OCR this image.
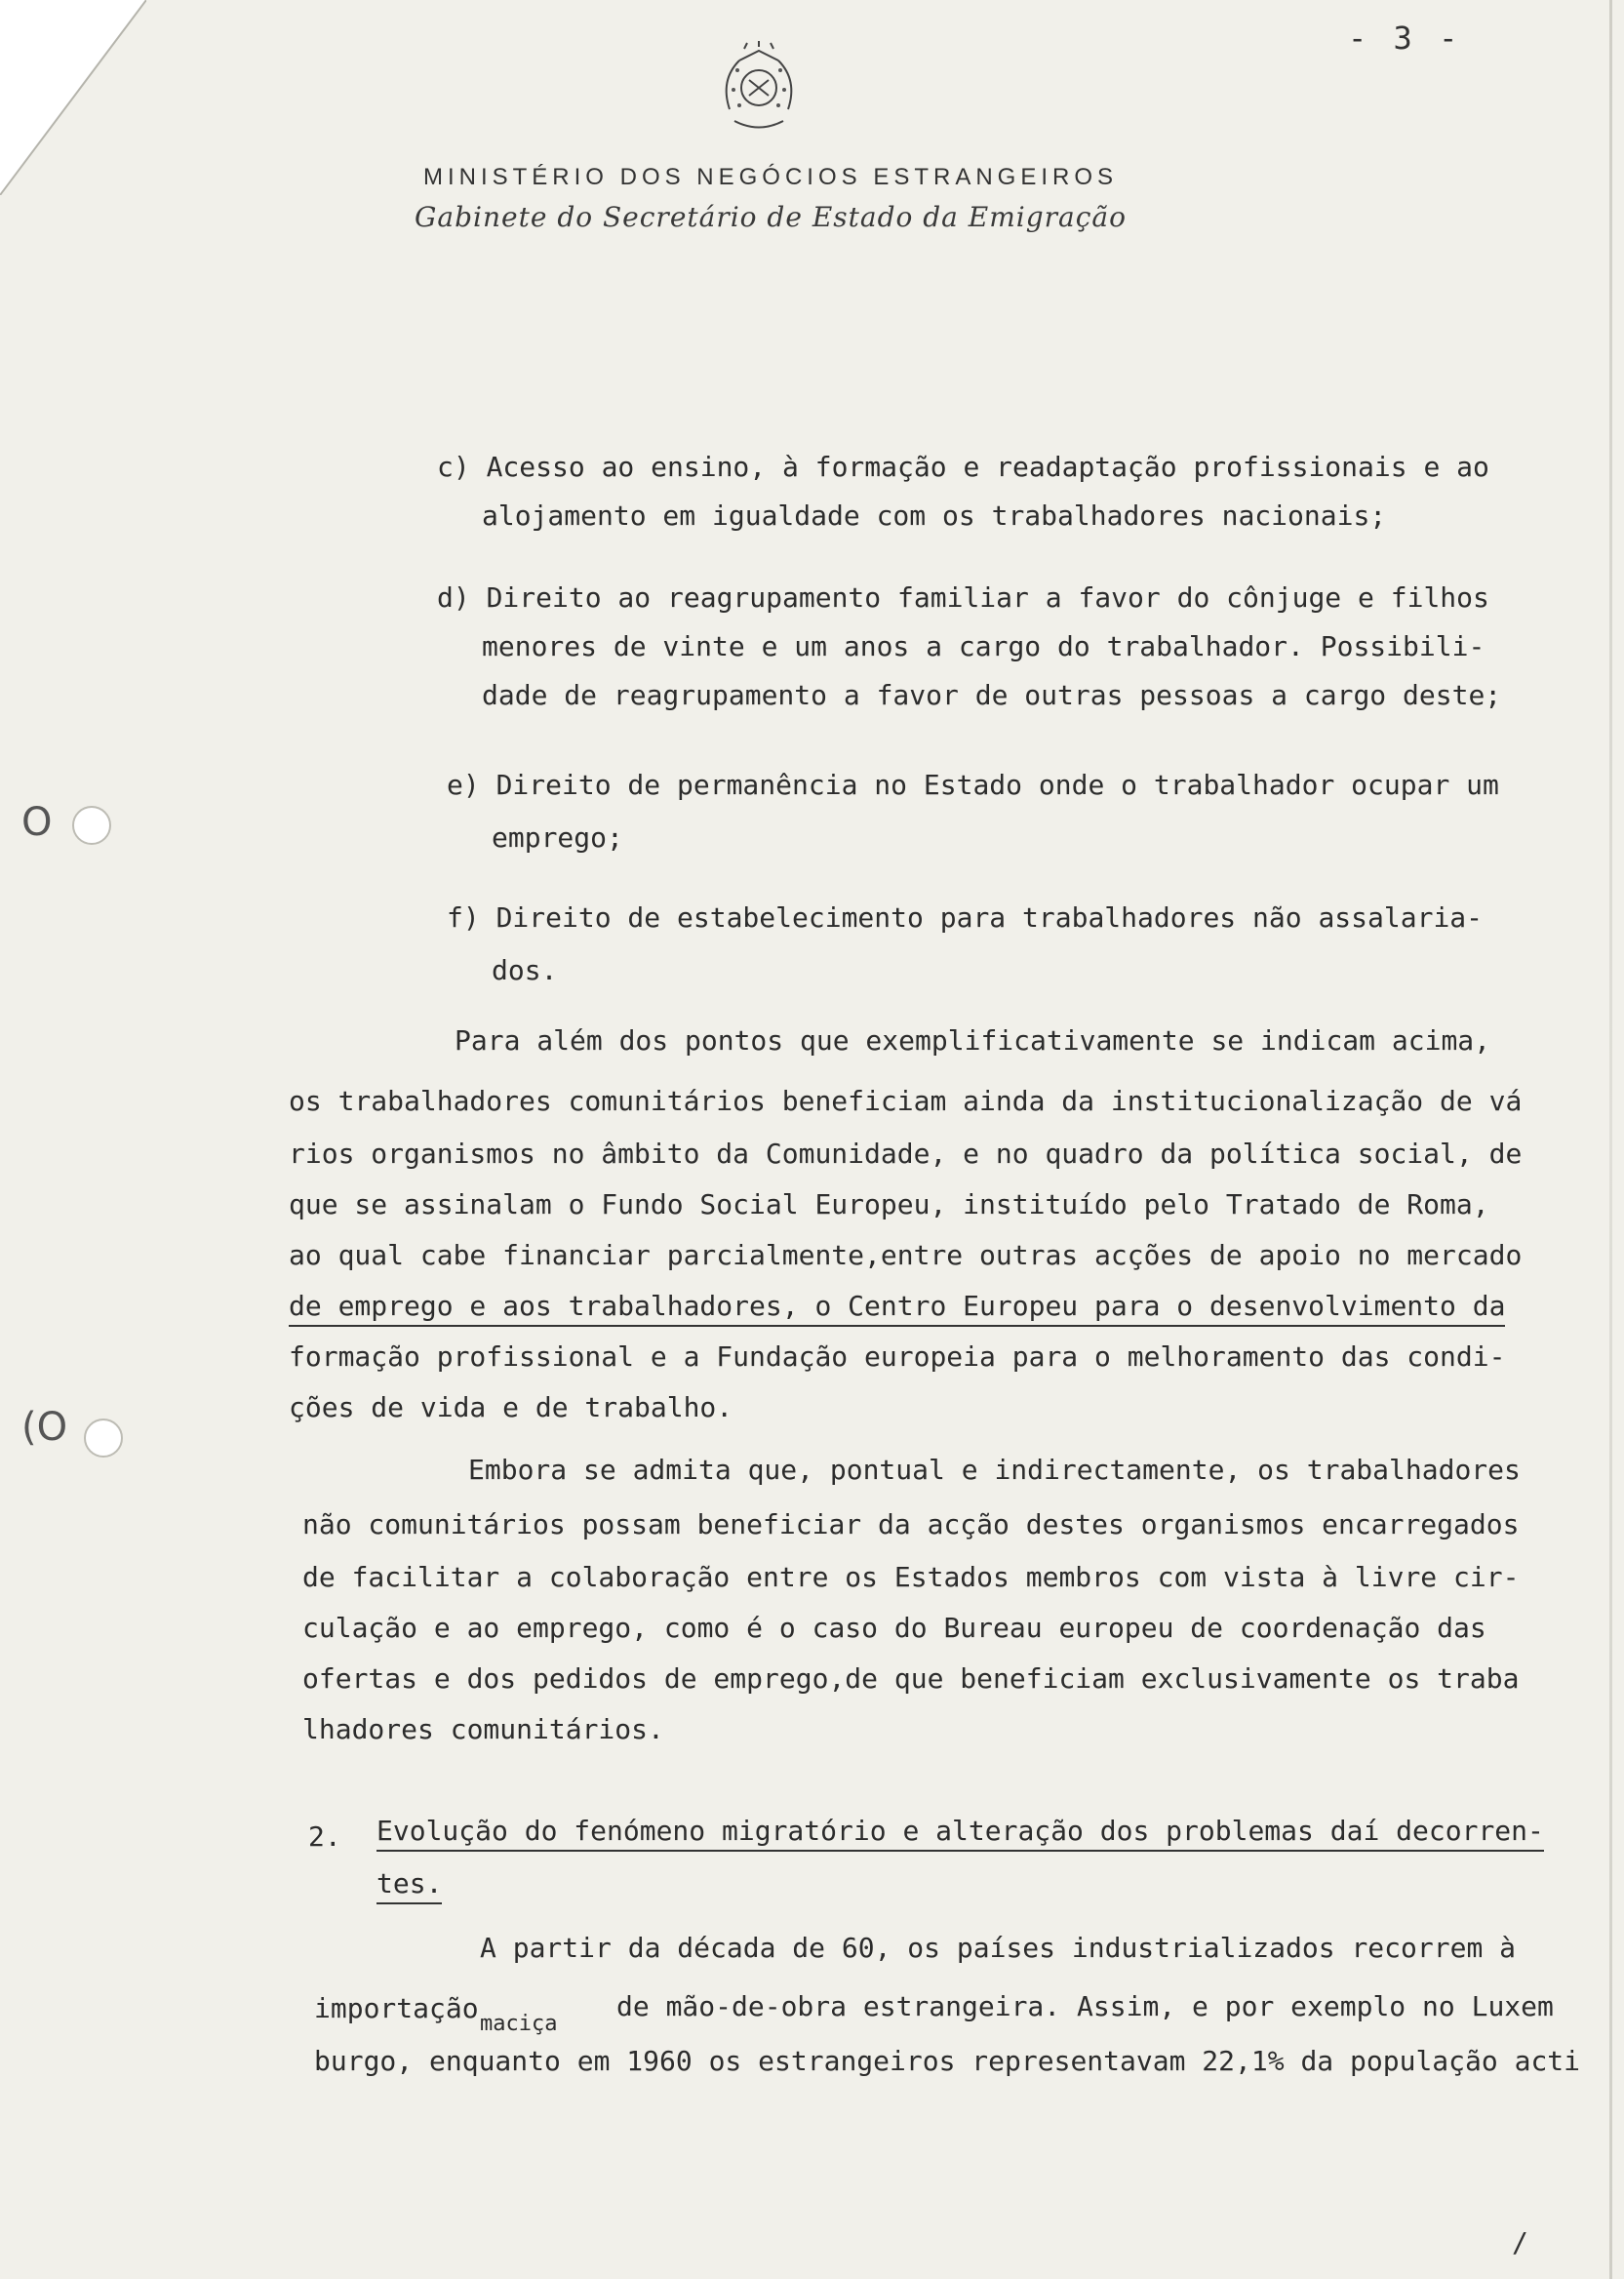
- 3 -
MINISTÉRIO DOS NEGÓCIOS ESTRANGEIROS
Gabinete do Secretário de Estado da Emigração
O
(O
c) Acesso ao ensino, à formação e readaptação profissionais e ao
alojamento em igualdade com os trabalhadores nacionais;
d) Direito ao reagrupamento familiar a favor do cônjuge e filhos
menores de vinte e um anos a cargo do trabalhador. Possibili-
dade de reagrupamento a favor de outras pessoas a cargo deste;
e) Direito de permanência no Estado onde o trabalhador ocupar um
emprego;
f) Direito de estabelecimento para trabalhadores não assalaria-
dos.
Para além dos pontos que exemplificativamente se indicam acima,
os trabalhadores comunitários beneficiam ainda da institucionalização de vá
rios organismos no âmbito da Comunidade, e no quadro da política social, de
que se assinalam o Fundo Social Europeu, instituído pelo Tratado de Roma,
ao qual cabe financiar parcialmente,entre outras acções de apoio no mercado
de emprego e aos trabalhadores, o Centro Europeu para o desenvolvimento da
formação profissional e a Fundação europeia para o melhoramento das condi-
ções de vida e de trabalho.
Embora se admita que, pontual e indirectamente, os trabalhadores
não comunitários possam beneficiar da acção destes organismos encarregados
de facilitar a colaboração entre os Estados membros com vista à livre cir-
culação e ao emprego, como é o caso do Bureau europeu de coordenação das
ofertas e dos pedidos de emprego,de que beneficiam exclusivamente os traba
lhadores comunitários.
2. Evolução do fenómeno migratório e alteração dos problemas daí decorren-
tes.
A partir da década de 60, os países industrializados recorrem à
importação maciça
de mão-de-obra estrangeira. Assim, e por exemplo no Luxem
burgo, enquanto em 1960 os estrangeiros representavam 22,1% da população acti
/
